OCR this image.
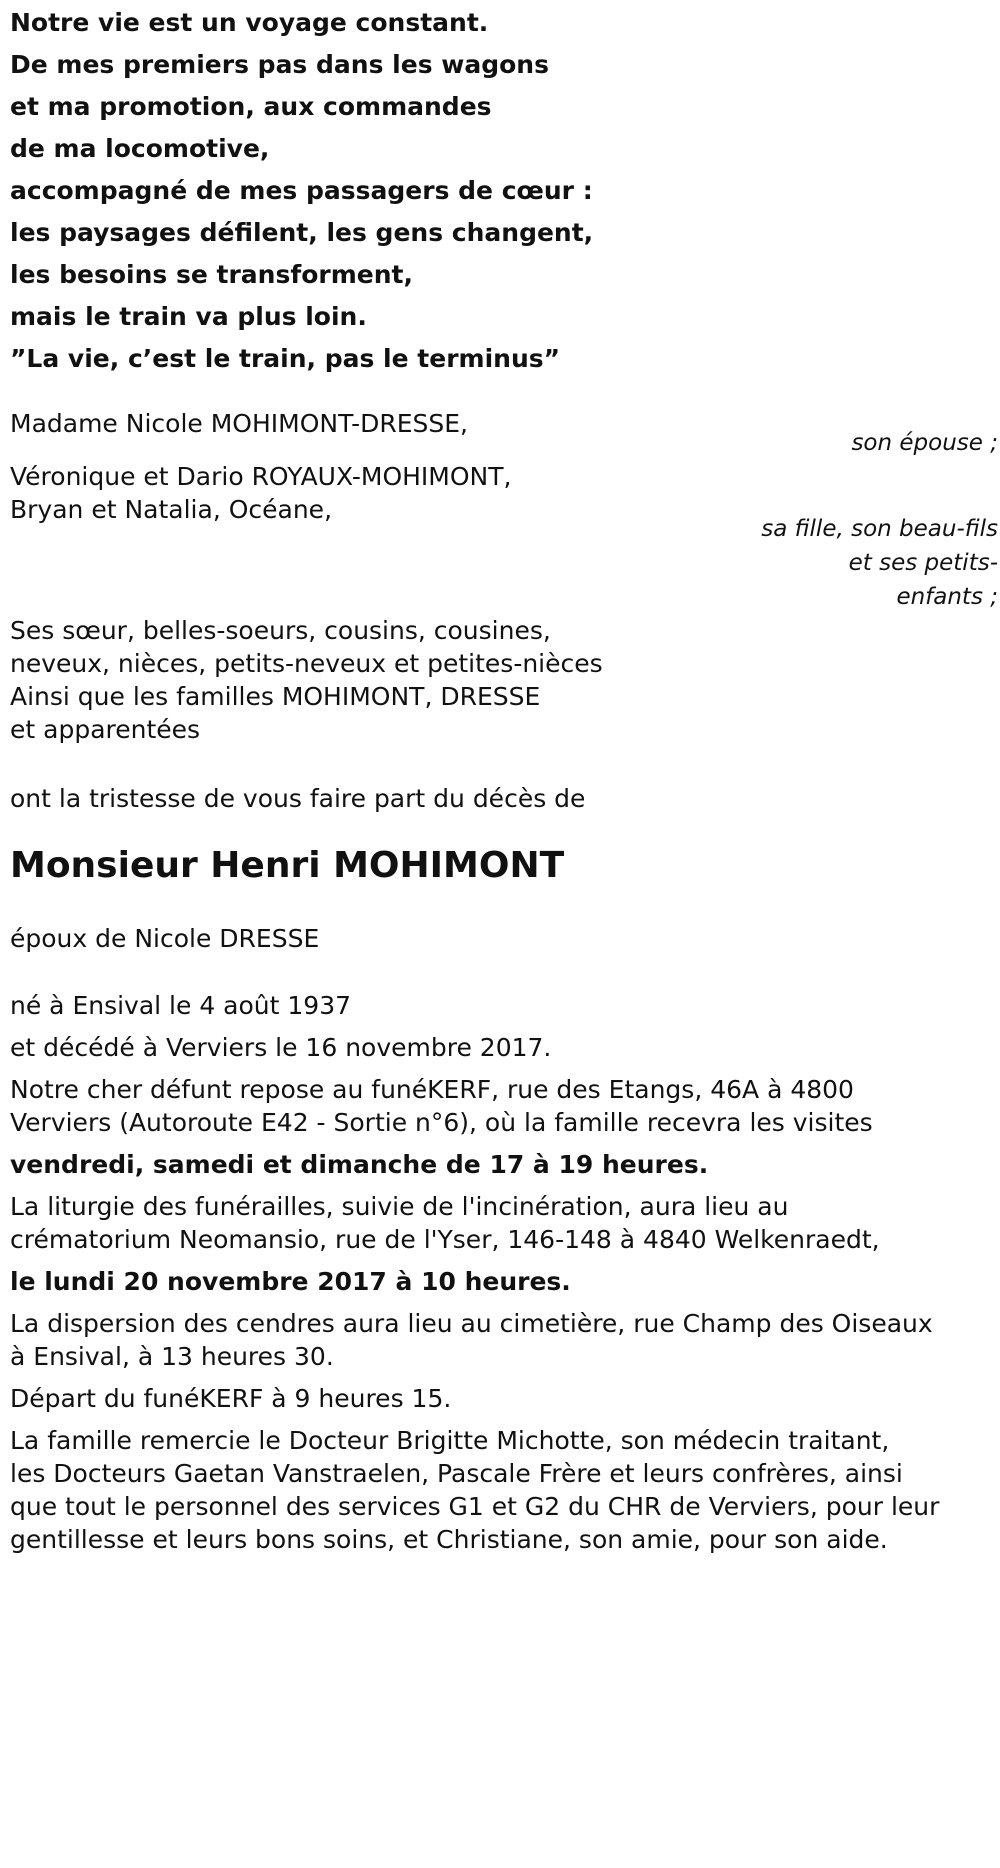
Notre vie est un voyage constant.
De mes premiers pas dans les wagons
et ma promotion, aux commandes
de ma locomotive,
accompagné de mes passagers de cœur :
les paysages défilent, les gens changent,
les besoins se transforment,
mais le train va plus loin.
”La vie, c’est le train, pas le terminus”
Madame Nicole MOHIMONT-DRESSE,
son épouse ;
Véronique et Dario ROYAUX-MOHIMONT,
Bryan et Natalia, Océane,
sa fille, son beau-fils
et ses petits-
enfants ;
Ses sœur, belles-soeurs, cousins, cousines,
neveux, nièces, petits-neveux et petites-nièces
Ainsi que les familles MOHIMONT, DRESSE
et apparentées
ont la tristesse de vous faire part du décès de
Monsieur Henri MOHIMONT
époux de Nicole DRESSE
né à Ensival le 4 août 1937
et décédé à Verviers le 16 novembre 2017.
Notre cher défunt repose au funéKERF, rue des Etangs, 46A à 4800
Verviers (Autoroute E42 - Sortie n°6), où la famille recevra les visites
vendredi, samedi et dimanche de 17 à 19 heures.
La liturgie des funérailles, suivie de l'incinération, aura lieu au
crématorium Neomansio, rue de l'Yser, 146-148 à 4840 Welkenraedt,
le lundi 20 novembre 2017 à 10 heures.
La dispersion des cendres aura lieu au cimetière, rue Champ des Oiseaux
à Ensival, à 13 heures 30.
Départ du funéKERF à 9 heures 15.
La famille remercie le Docteur Brigitte Michotte, son médecin traitant,
les Docteurs Gaetan Vanstraelen, Pascale Frère et leurs confrères, ainsi
que tout le personnel des services G1 et G2 du CHR de Verviers, pour leur
gentillesse et leurs bons soins, et Christiane, son amie, pour son aide.
